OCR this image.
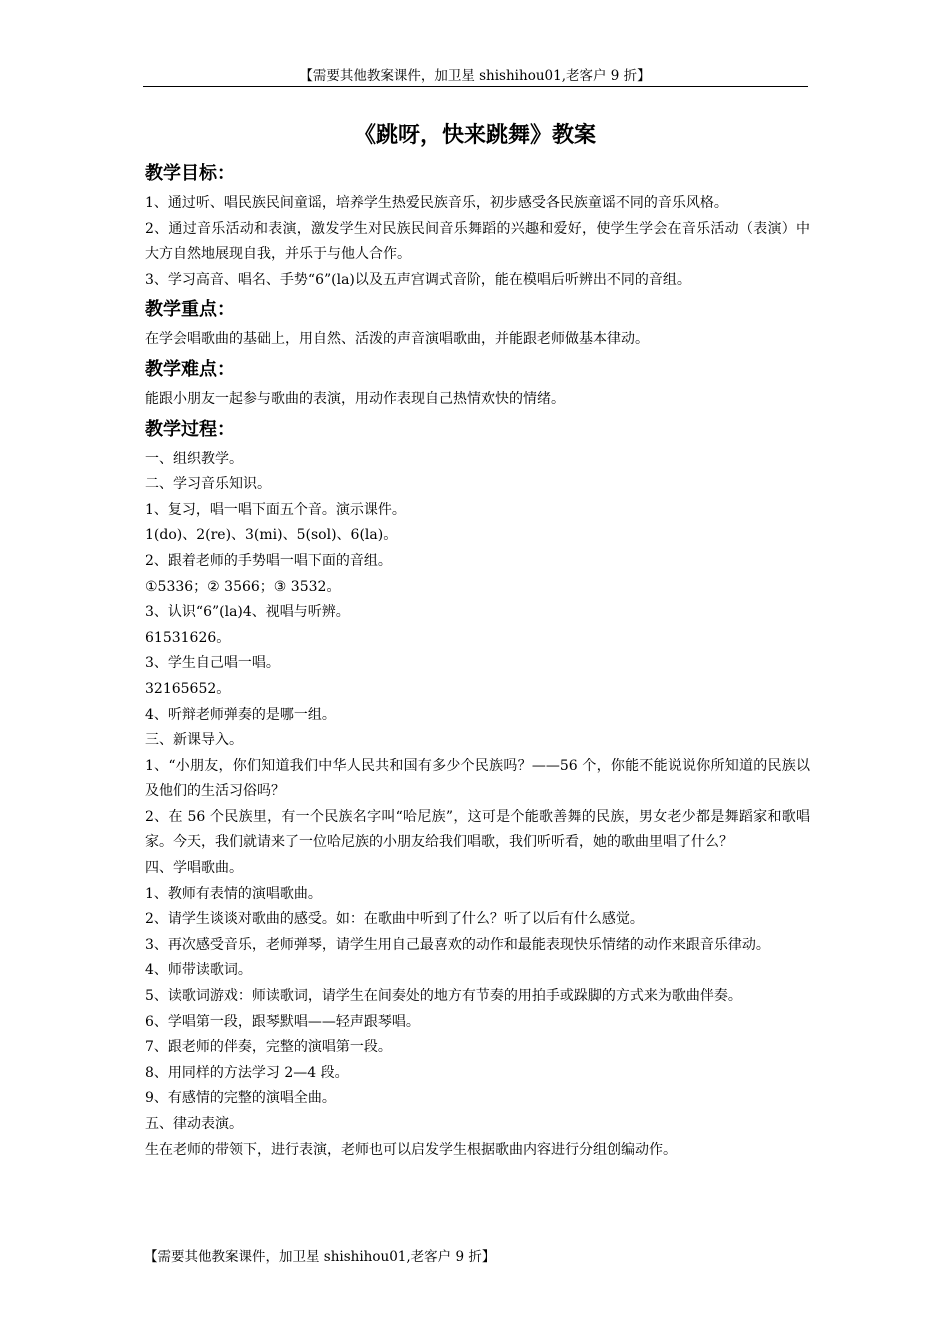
【需要其他教案课件，加卫星 shishihou01,老客户 9 折】
《跳呀，快来跳舞》教案
教学目标：

1、通过听、唱民族民间童谣，培养学生热爱民族音乐，初步感受各民族童谣不同的音乐风格。

2、通过音乐活动和表演，激发学生对民族民间音乐舞蹈的兴趣和爱好，使学生学会在音乐活动（表演）中大方自然地展现自我，并乐于与他人合作。

3、学习高音、唱名、手势“6”(la)以及五声宫调式音阶，能在模唱后听辨出不同的音组。

教学重点：

在学会唱歌曲的基础上，用自然、活泼的声音演唱歌曲，并能跟老师做基本律动。

教学难点：

能跟小朋友一起参与歌曲的表演，用动作表现自己热情欢快的情绪。

教学过程：

一、组织教学。

二、学习音乐知识。

1、复习，唱一唱下面五个音。演示课件。

1(do)、2(re)、3(mi)、5(sol)、6(la)。

2、跟着老师的手势唱一唱下面的音组。

①5336；② 3566；③ 3532。

3、认识“6”(la)4、视唱与听辨。

61531626。

3、学生自己唱一唱。

32165652。

4、听辩老师弹奏的是哪一组。

三、新课导入。

1、“小朋友，你们知道我们中华人民共和国有多少个民族吗？——56 个，你能不能说说你所知道的民族以及他们的生活习俗吗？

2、在 56 个民族里，有一个民族名字叫“哈尼族”，这可是个能歌善舞的民族，男女老少都是舞蹈家和歌唱家。今天，我们就请来了一位哈尼族的小朋友给我们唱歌，我们听听看，她的歌曲里唱了什么？

四、学唱歌曲。

1、教师有表情的演唱歌曲。

2、请学生谈谈对歌曲的感受。如：在歌曲中听到了什么？听了以后有什么感觉。

3、再次感受音乐，老师弹琴，请学生用自己最喜欢的动作和最能表现快乐情绪的动作来跟音乐律动。

4、师带读歌词。

5、读歌词游戏：师读歌词，请学生在间奏处的地方有节奏的用拍手或跺脚的方式来为歌曲伴奏。

6、学唱第一段，跟琴默唱——轻声跟琴唱。

7、跟老师的伴奏，完整的演唱第一段。

8、用同样的方法学习 2—4 段。

9、有感情的完整的演唱全曲。

五、律动表演。

生在老师的带领下，进行表演，老师也可以启发学生根据歌曲内容进行分组创编动作。

【需要其他教案课件，加卫星 shishihou01,老客户 9 折】
